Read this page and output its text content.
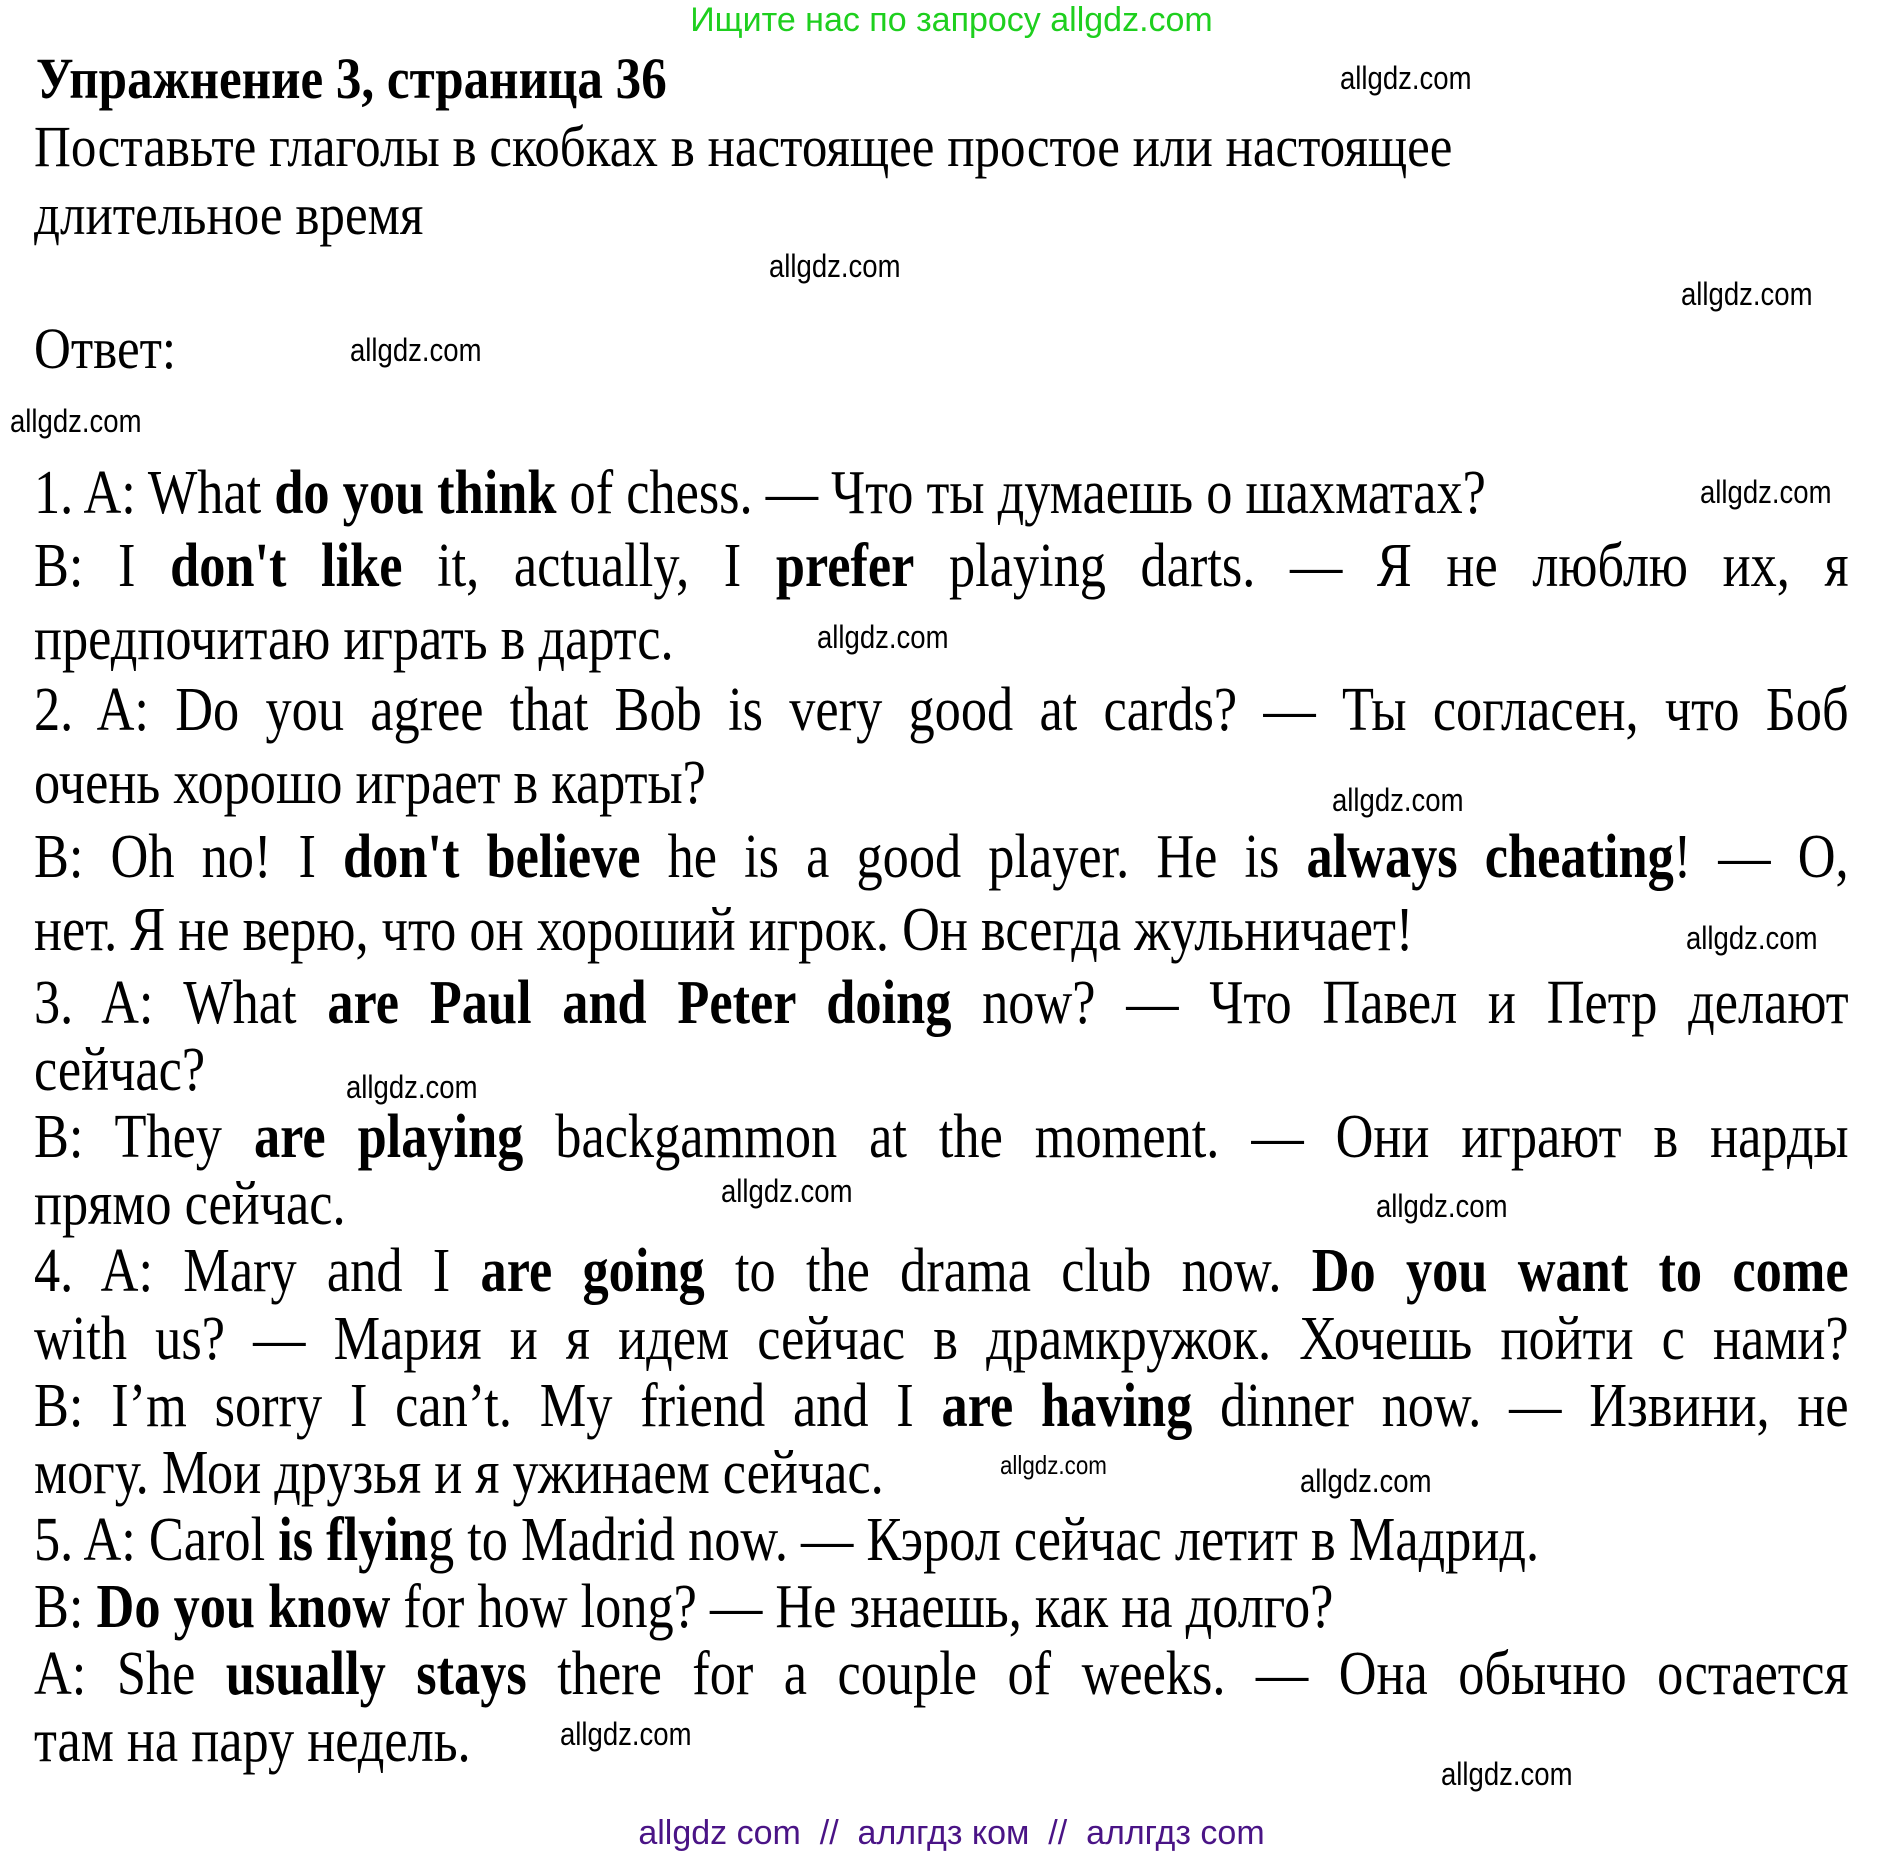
Ищите нас по запросу allgdz.com
Упражнение 3, страница 36
Поставьте глаголы в скобках в настоящее простое или настоящее
длительное время
Ответ:
1. A: What do you think of chess. — Что ты думаешь о шахматах?
B: I don't like it, actually, I prefer playing darts. — Я не люблю их, я
предпочитаю играть в дартс.
2. A: Do you agree that Bob is very good at cards? — Ты согласен, что Боб
очень хорошо играет в карты?
B: Oh no! I don't believe he is a good player. He is always cheating! — О,
нет. Я не верю, что он хороший игрок. Он всегда жульничает!
3. A: What are Paul and Peter doing now? — Что Павел и Петр делают
сейчас?
B: They are playing backgammon at the moment. — Они играют в нарды
прямо сейчас.
4. A: Mary and I are going to the drama club now. Do you want to come
with us? — Мария и я идем сейчас в драмкружок. Хочешь пойти с нами?
B: I’m sorry I can’t. My friend and I are having dinner now. — Извини, не
могу. Мои друзья и я ужинаем сейчас.
5. A: Carol is flying to Madrid now. — Кэрол сейчас летит в Мадрид.
B: Do you know for how long? — Не знаешь, как на долго?
A: She usually stays there for a couple of weeks. — Она обычно остается
там на пару недель.
allgdz.com
allgdz.com
allgdz.com
allgdz.com
allgdz.com
allgdz.com
allgdz.com
allgdz.com
allgdz.com
allgdz.com
allgdz.com	allgdz.com
allgdz.com	allgdz.com
allgdz.com
allgdz.com
allgdz com  //  аллгдз ком  //  аллгдз com
